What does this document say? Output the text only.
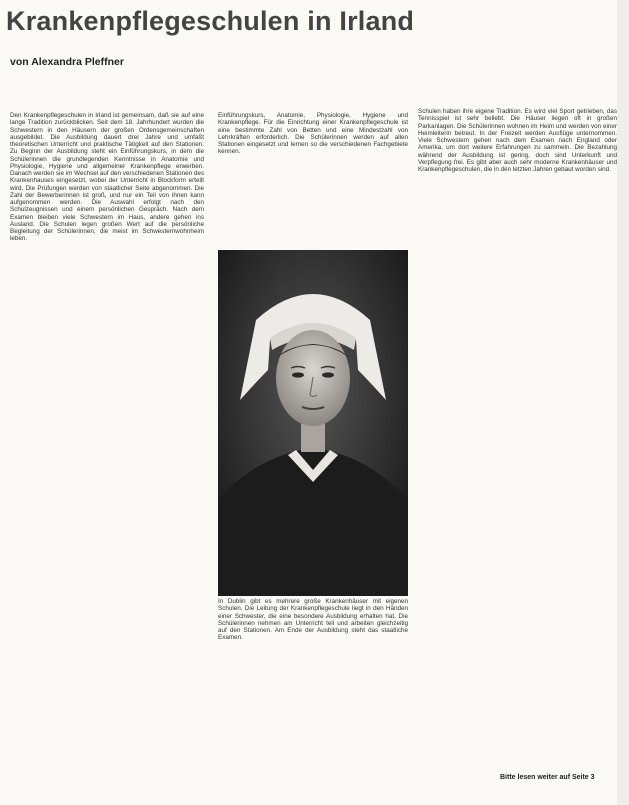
Krankenpflegeschulen in Irland
von Alexandra Pleffner

Den Krankenpflegeschulen in Irland ist gemeinsam, daß sie auf eine lange Tradition zurückblicken. Seit dem 18. Jahrhundert wurden die Schwestern in den Häusern der großen Ordensgemeinschaften ausgebildet. Die Ausbildung dauert drei Jahre und umfaßt theoretischen Unterricht und praktische Tätigkeit auf den Stationen. Zu Beginn der Ausbildung steht ein Einführungskurs, in dem die Schülerinnen die grundlegenden Kenntnisse in Anatomie und Physiologie, Hygiene und allgemeiner Krankenpflege erwerben. Danach werden sie im Wechsel auf den verschiedenen Stationen des Krankenhauses eingesetzt, wobei der Unterricht in Blockform erteilt wird. Die Prüfungen werden von staatlicher Seite abgenommen. Die Zahl der Bewerberinnen ist groß, und nur ein Teil von ihnen kann aufgenommen werden. Die Auswahl erfolgt nach den Schulzeugnissen und einem persönlichen Gespräch. Nach dem Examen bleiben viele Schwestern im Haus, andere gehen ins Ausland. Die Schulen legen großen Wert auf die persönliche Begleitung der Schülerinnen, die meist im Schwesternwohnheim leben.

Einführungskurs, Anatomie, Physiologie, Hygiene und Krankenpflege. Für die Einrichtung einer Krankenpflegeschule ist eine bestimmte Zahl von Betten und eine Mindestzahl von Lehrkräften erforderlich. Die Schülerinnen werden auf allen Stationen eingesetzt und lernen so die verschiedenen Fachgebiete kennen.

In Dublin gibt es mehrere große Krankenhäuser mit eigenen Schulen. Die Leitung der Krankenpflegeschule liegt in den Händen einer Schwester, die eine besondere Ausbildung erhalten hat. Die Schülerinnen nehmen am Unterricht teil und arbeiten gleichzeitig auf den Stationen. Am Ende der Ausbildung steht das staatliche Examen.

Schulen haben ihre eigene Tradition. Es wird viel Sport getrieben, das Tennisspiel ist sehr beliebt. Die Häuser liegen oft in großen Parkanlagen. Die Schülerinnen wohnen im Heim und werden von einer Heimleiterin betreut. In der Freizeit werden Ausflüge unternommen. Viele Schwestern gehen nach dem Examen nach England oder Amerika, um dort weitere Erfahrungen zu sammeln. Die Bezahlung während der Ausbildung ist gering, doch sind Unterkunft und Verpflegung frei. Es gibt aber auch sehr moderne Krankenhäuser und Krankenpflegeschulen, die in den letzten Jahren gebaut worden sind.

Bitte lesen weiter auf Seite 3
